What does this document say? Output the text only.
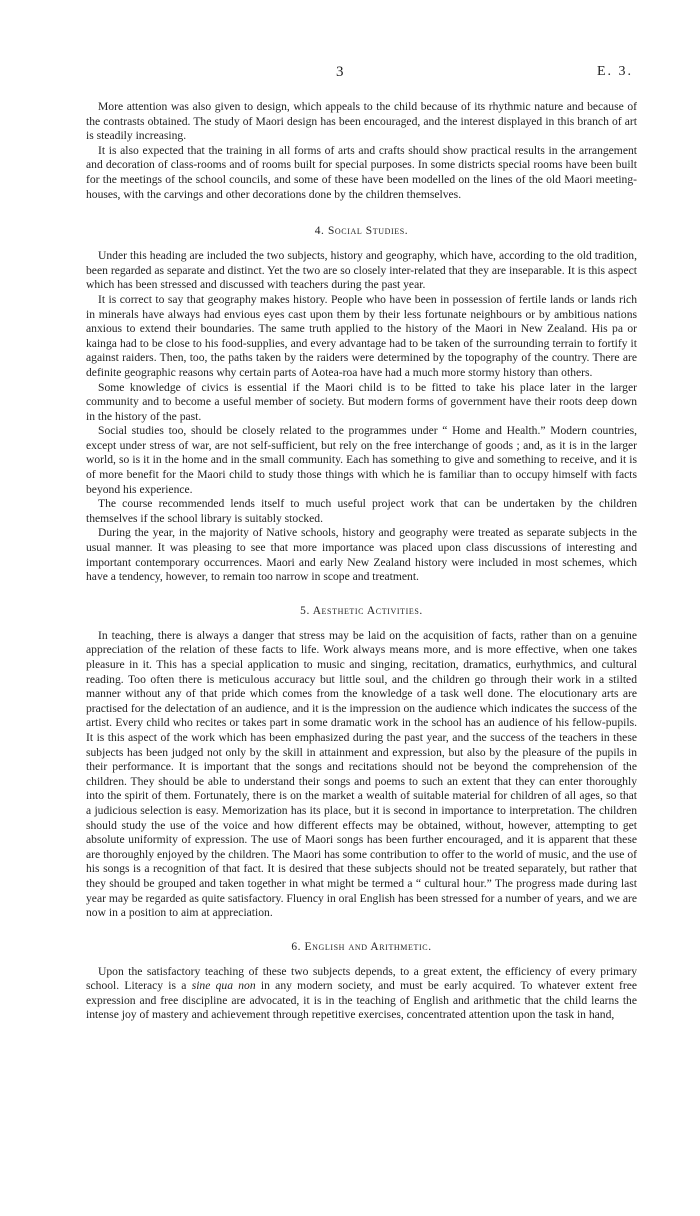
3	E. 3.

More attention was also given to design, which appeals to the child because of its rhythmic nature and because of the contrasts obtained. The study of Maori design has been encouraged, and the interest displayed in this branch of art is steadily increasing.

It is also expected that the training in all forms of arts and crafts should show practical results in the arrangement and decoration of class-rooms and of rooms built for special purposes. In some districts special rooms have been built for the meetings of the school councils, and some of these have been modelled on the lines of the old Maori meeting-houses, with the carvings and other decorations done by the children themselves.

4. Social Studies.

Under this heading are included the two subjects, history and geography, which have, according to the old tradition, been regarded as separate and distinct. Yet the two are so closely inter-related that they are inseparable. It is this aspect which has been stressed and discussed with teachers during the past year.

It is correct to say that geography makes history. People who have been in possession of fertile lands or lands rich in minerals have always had envious eyes cast upon them by their less fortunate neighbours or by ambitious nations anxious to extend their boundaries. The same truth applied to the history of the Maori in New Zealand. His pa or kainga had to be close to his food-supplies, and every advantage had to be taken of the surrounding terrain to fortify it against raiders. Then, too, the paths taken by the raiders were determined by the topography of the country. There are definite geographic reasons why certain parts of Aotea-roa have had a much more stormy history than others.

Some knowledge of civics is essential if the Maori child is to be fitted to take his place later in the larger community and to become a useful member of society. But modern forms of government have their roots deep down in the history of the past.

Social studies too, should be closely related to the programmes under “ Home and Health.” Modern countries, except under stress of war, are not self-sufficient, but rely on the free interchange of goods ; and, as it is in the larger world, so is it in the home and in the small community. Each has something to give and something to receive, and it is of more benefit for the Maori child to study those things with which he is familiar than to occupy himself with facts beyond his experience.

The course recommended lends itself to much useful project work that can be undertaken by the children themselves if the school library is suitably stocked.

During the year, in the majority of Native schools, history and geography were treated as separate subjects in the usual manner. It was pleasing to see that more importance was placed upon class discussions of interesting and important contemporary occurrences. Maori and early New Zealand history were included in most schemes, which have a tendency, however, to remain too narrow in scope and treatment.

5. Aesthetic Activities.

In teaching, there is always a danger that stress may be laid on the acquisition of facts, rather than on a genuine appreciation of the relation of these facts to life. Work always means more, and is more effective, when one takes pleasure in it. This has a special application to music and singing, recitation, dramatics, eurhythmics, and cultural reading. Too often there is meticulous accuracy but little soul, and the children go through their work in a stilted manner without any of that pride which comes from the knowledge of a task well done. The elocutionary arts are practised for the delectation of an audience, and it is the impression on the audience which indicates the success of the artist. Every child who recites or takes part in some dramatic work in the school has an audience of his fellow-pupils. It is this aspect of the work which has been emphasized during the past year, and the success of the teachers in these subjects has been judged not only by the skill in attainment and expression, but also by the pleasure of the pupils in their performance. It is important that the songs and recitations should not be beyond the comprehension of the children. They should be able to understand their songs and poems to such an extent that they can enter thoroughly into the spirit of them. Fortunately, there is on the market a wealth of suitable material for children of all ages, so that a judicious selection is easy. Memorization has its place, but it is second in importance to interpretation. The children should study the use of the voice and how different effects may be obtained, without, however, attempting to get absolute uniformity of expression. The use of Maori songs has been further encouraged, and it is apparent that these are thoroughly enjoyed by the children. The Maori has some contribution to offer to the world of music, and the use of his songs is a recognition of that fact. It is desired that these subjects should not be treated separately, but rather that they should be grouped and taken together in what might be termed a “ cultural hour.” The progress made during last year may be regarded as quite satisfactory. Fluency in oral English has been stressed for a number of years, and we are now in a position to aim at appreciation.

6. English and Arithmetic.

Upon the satisfactory teaching of these two subjects depends, to a great extent, the efficiency of every primary school. Literacy is a sine qua non in any modern society, and must be early acquired. To whatever extent free expression and free discipline are advocated, it is in the teaching of English and arithmetic that the child learns the intense joy of mastery and achievement through repetitive exercises, concentrated attention upon the task in hand,
